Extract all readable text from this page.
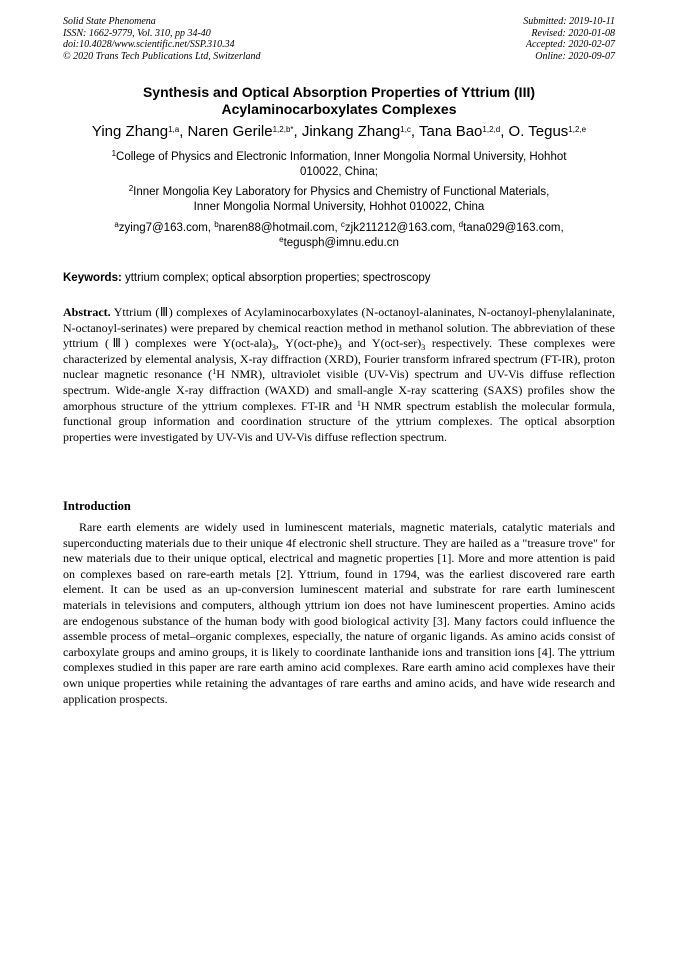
Solid State Phenomena
ISSN: 1662-9779, Vol. 310, pp 34-40
doi:10.4028/www.scientific.net/SSP.310.34
© 2020 Trans Tech Publications Ltd, Switzerland
Submitted: 2019-10-11
Revised: 2020-01-08
Accepted: 2020-02-07
Online: 2020-09-07
Synthesis and Optical Absorption Properties of Yttrium (III)
Acylaminocarboxylates Complexes
Ying Zhang$^{1,a}$, Naren Gerile$^{1,2,b*}$, Jinkang Zhang$^{1,c}$, Tana Bao$^{1,2,d}$, O. Tegus$^{1,2,e}$
$^1$College of Physics and Electronic Information, Inner Mongolia Normal University, Hohhot
010022, China;
$^2$Inner Mongolia Key Laboratory for Physics and Chemistry of Functional Materials,
Inner Mongolia Normal University, Hohhot 010022, China
$^a$zying7@163.com, $^b$naren88@hotmail.com, $^c$zjk211212@163.com, $^d$tana029@163.com,
$^e$tegusph@imnu.edu.cn
Keywords: yttrium complex; optical absorption properties; spectroscopy
Abstract. Yttrium (Ⅲ) complexes of Acylaminocarboxylates (N-octanoyl-alaninates, N-octanoyl-phenylalaninate, N-octanoyl-serinates) were prepared by chemical reaction method in methanol solution. The abbreviation of these yttrium (Ⅲ) complexes were $Y(oct-ala)_3$, $Y(oct-phe)_3$ and $Y(oct-ser)_3$ respectively. These complexes were characterized by elemental analysis, X-ray diffraction (XRD), Fourier transform infrared spectrum (FT-IR), proton nuclear magnetic resonance ($^1$H NMR), ultraviolet visible (UV-Vis) spectrum and UV-Vis diffuse reflection spectrum. Wide-angle X-ray diffraction (WAXD) and small-angle X-ray scattering (SAXS) profiles show the amorphous structure of the yttrium complexes. FT-IR and $^1$H NMR spectrum establish the molecular formula, functional group information and coordination structure of the yttrium complexes. The optical absorption properties were investigated by UV-Vis and UV-Vis diffuse reflection spectrum.
Introduction
Rare earth elements are widely used in luminescent materials, magnetic materials, catalytic materials and superconducting materials due to their unique 4f electronic shell structure. They are hailed as a "treasure trove" for new materials due to their unique optical, electrical and magnetic properties [1]. More and more attention is paid on complexes based on rare-earth metals [2]. Yttrium, found in 1794, was the earliest discovered rare earth element. It can be used as an up-conversion luminescent material and substrate for rare earth luminescent materials in televisions and computers, although yttrium ion does not have luminescent properties. Amino acids are endogenous substance of the human body with good biological activity [3]. Many factors could influence the assemble process of metal–organic complexes, especially, the nature of organic ligands. As amino acids consist of carboxylate groups and amino groups, it is likely to coordinate lanthanide ions and transition ions [4]. The yttrium complexes studied in this paper are rare earth amino acid complexes. Rare earth amino acid complexes have their own unique properties while retaining the advantages of rare earths and amino acids, and have wide research and application prospects.
